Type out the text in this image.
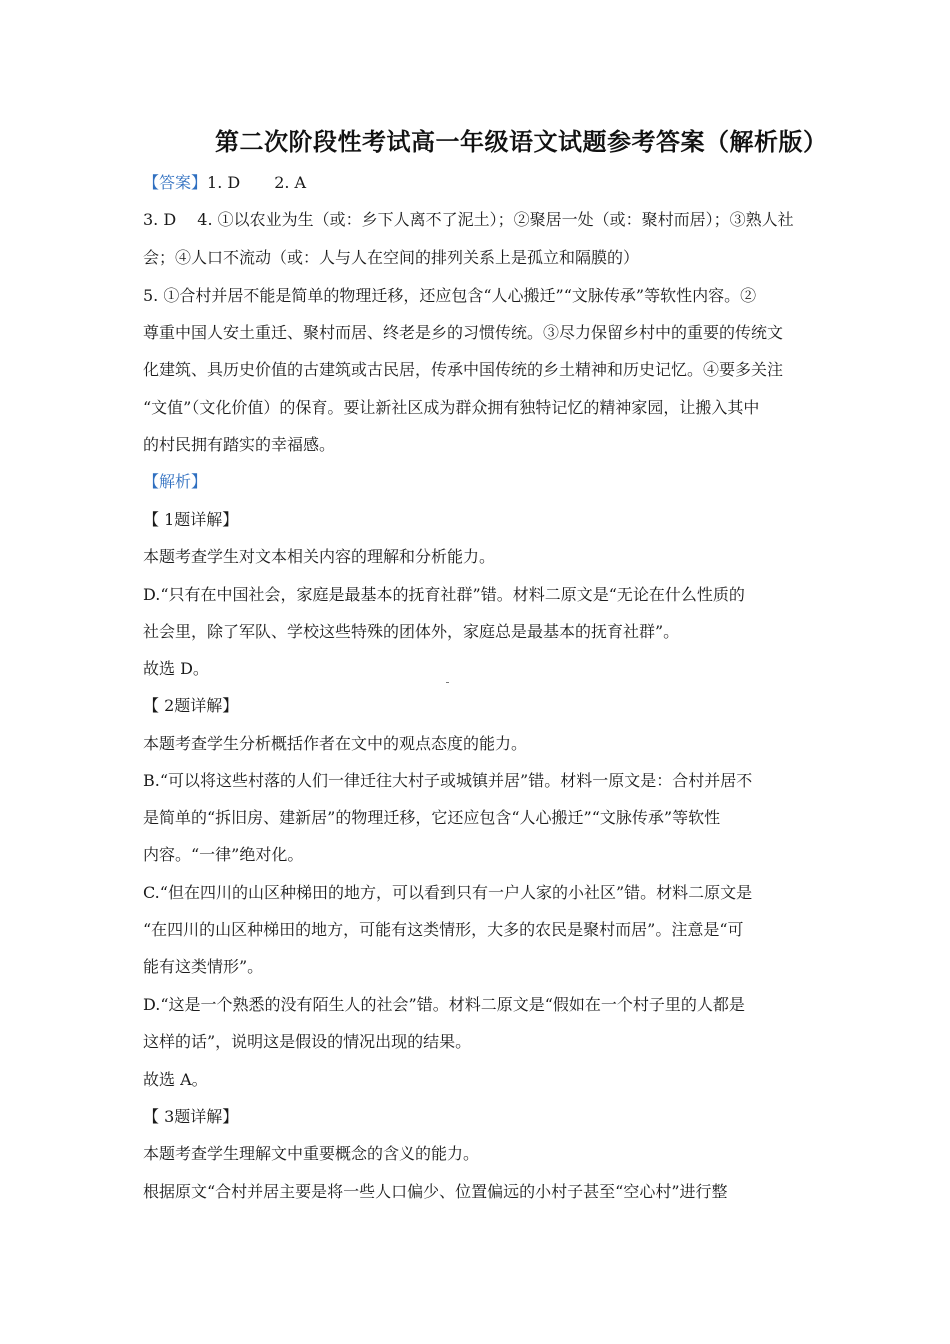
第二次阶段性考试高一年级语文试题参考答案（解析版）
【答案】1. D 2. A
3. D　 4. ①以农业为生（或：乡下人离不了泥土）；②聚居一处（或：聚村而居）；③熟人社
会；④人口不流动（或：人与人在空间的排列关系上是孤立和隔膜的）
5. ①合村并居不能是简单的物理迁移，还应包含“人心搬迁”“文脉传承”等软性内容。②
尊重中国人安土重迁、聚村而居、终老是乡的习惯传统。③尽力保留乡村中的重要的传统文
化建筑、具历史价值的古建筑或古民居，传承中国传统的乡土精神和历史记忆。④要多关注
“文值”（文化价值）的保育。要让新社区成为群众拥有独特记忆的精神家园，让搬入其中
的村民拥有踏实的幸福感。
【解析】
【 1题详解】
本题考查学生对文本相关内容的理解和分析能力。
D.“只有在中国社会，家庭是最基本的抚育社群”错。材料二原文是“无论在什么性质的
社会里，除了军队、学校这些特殊的团体外，家庭总是最基本的抚育社群”。
故选 D。
【 2题详解】
本题考查学生分析概括作者在文中的观点态度的能力。
B.“可以将这些村落的人们一律迁往大村子或城镇并居”错。材料一原文是：合村并居不
是简单的“拆旧房、建新居”的物理迁移，它还应包含“人心搬迁”“文脉传承”等软性
内容。“一律”绝对化。
C.“但在四川的山区种梯田的地方，可以看到只有一户人家的小社区”错。材料二原文是
“在四川的山区种梯田的地方，可能有这类情形，大多的农民是聚村而居”。注意是“可
能有这类情形”。
D.“这是一个熟悉的没有陌生人的社会”错。材料二原文是“假如在一个村子里的人都是
这样的话”，说明这是假设的情况出现的结果。
故选 A。
【 3题详解】
本题考查学生理解文中重要概念的含义的能力。
根据原文“合村并居主要是将一些人口偏少、位置偏远的小村子甚至“空心村”进行整
